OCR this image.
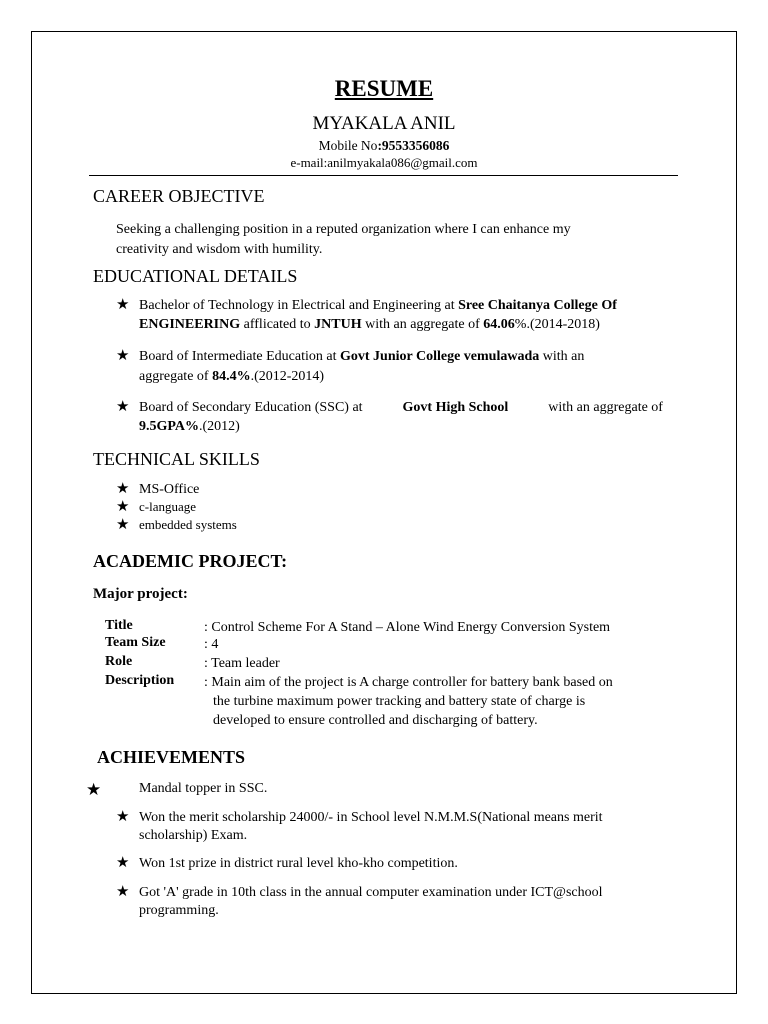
RESUME
MYAKALA ANIL
Mobile No:9553356086
e-mail:anilmyakala086@gmail.com
CAREER OBJECTIVE
Seeking a challenging position in a reputed organization where I can enhance my
creativity and wisdom with humility.
EDUCATIONAL DETAILS
★ Bachelor of Technology in Electrical and Engineering at Sree Chaitanya College Of
ENGINEERING afflicated to JNTUH with an aggregate of 64.06%.(2014-2018)
★ Board of Intermediate Education at Govt Junior College vemulawada with an
aggregate of 84.4%.(2012-2014)
★ Board of Secondary Education (SSC) at	Govt High School	with an aggregate of
9.5GPA%.(2012)
TECHNICAL SKILLS
★ MS-Office
★ c-language
★ embedded systems
ACADEMIC PROJECT:
Major project:
Title	: Control Scheme For A Stand – Alone Wind Energy Conversion System
Team Size	: 4
Role	: Team leader
Description : Main aim of the project is A charge controller for battery bank based on
the turbine maximum power tracking and battery state of charge is
developed to ensure controlled and discharging of battery.
ACHIEVEMENTS
★	Mandal topper in SSC.
★ Won the merit scholarship 24000/- in School level N.M.M.S(National means merit
scholarship) Exam.
★ Won 1st prize in district rural level kho-kho competition.
★ Got 'A' grade in 10th class in the annual computer examination under ICT@school
programming.
